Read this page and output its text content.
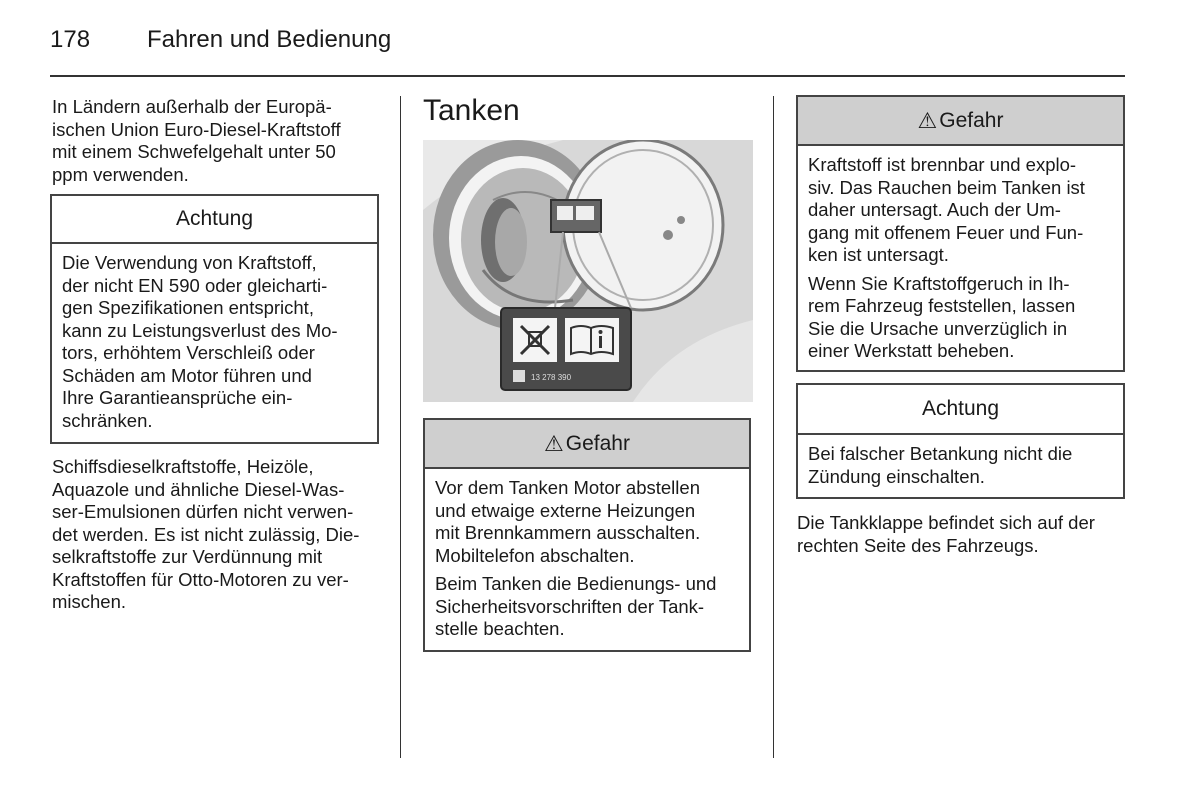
178 Fahren und Bedienung
In Ländern außerhalb der Europä-
ischen Union Euro-Diesel-Kraftstoff
mit einem Schwefelgehalt unter 50
ppm verwenden.
Achtung
Die Verwendung von Kraftstoff,
der nicht EN 590 oder gleicharti-
gen Spezifikationen entspricht,
kann zu Leistungsverlust des Mo-
tors, erhöhtem Verschleiß oder
Schäden am Motor führen und
Ihre Garantieansprüche ein-
schränken.
Schiffsdieselkraftstoffe, Heizöle,
Aquazole und ähnliche Diesel-Was-
ser-Emulsionen dürfen nicht verwen-
det werden. Es ist nicht zulässig, Die-
selkraftstoffe zur Verdünnung mit
Kraftstoffen für Otto-Motoren zu ver-
mischen.
Tanken
13 278 390
⚠ Gefahr

Vor dem Tanken Motor abstellen
und etwaige externe Heizungen
mit Brennkammern ausschalten.
Mobiltelefon abschalten.

Beim Tanken die Bedienungs- und
Sicherheitsvorschriften der Tank-
stelle beachten.

⚠ Gefahr

Kraftstoff ist brennbar und explo-
siv. Das Rauchen beim Tanken ist
daher untersagt. Auch der Um-
gang mit offenem Feuer und Fun-
ken ist untersagt.

Wenn Sie Kraftstoffgeruch in Ih-
rem Fahrzeug feststellen, lassen
Sie die Ursache unverzüglich in
einer Werkstatt beheben.

Achtung
Bei falscher Betankung nicht die
Zündung einschalten.
Die Tankklappe befindet sich auf der
rechten Seite des Fahrzeugs.
